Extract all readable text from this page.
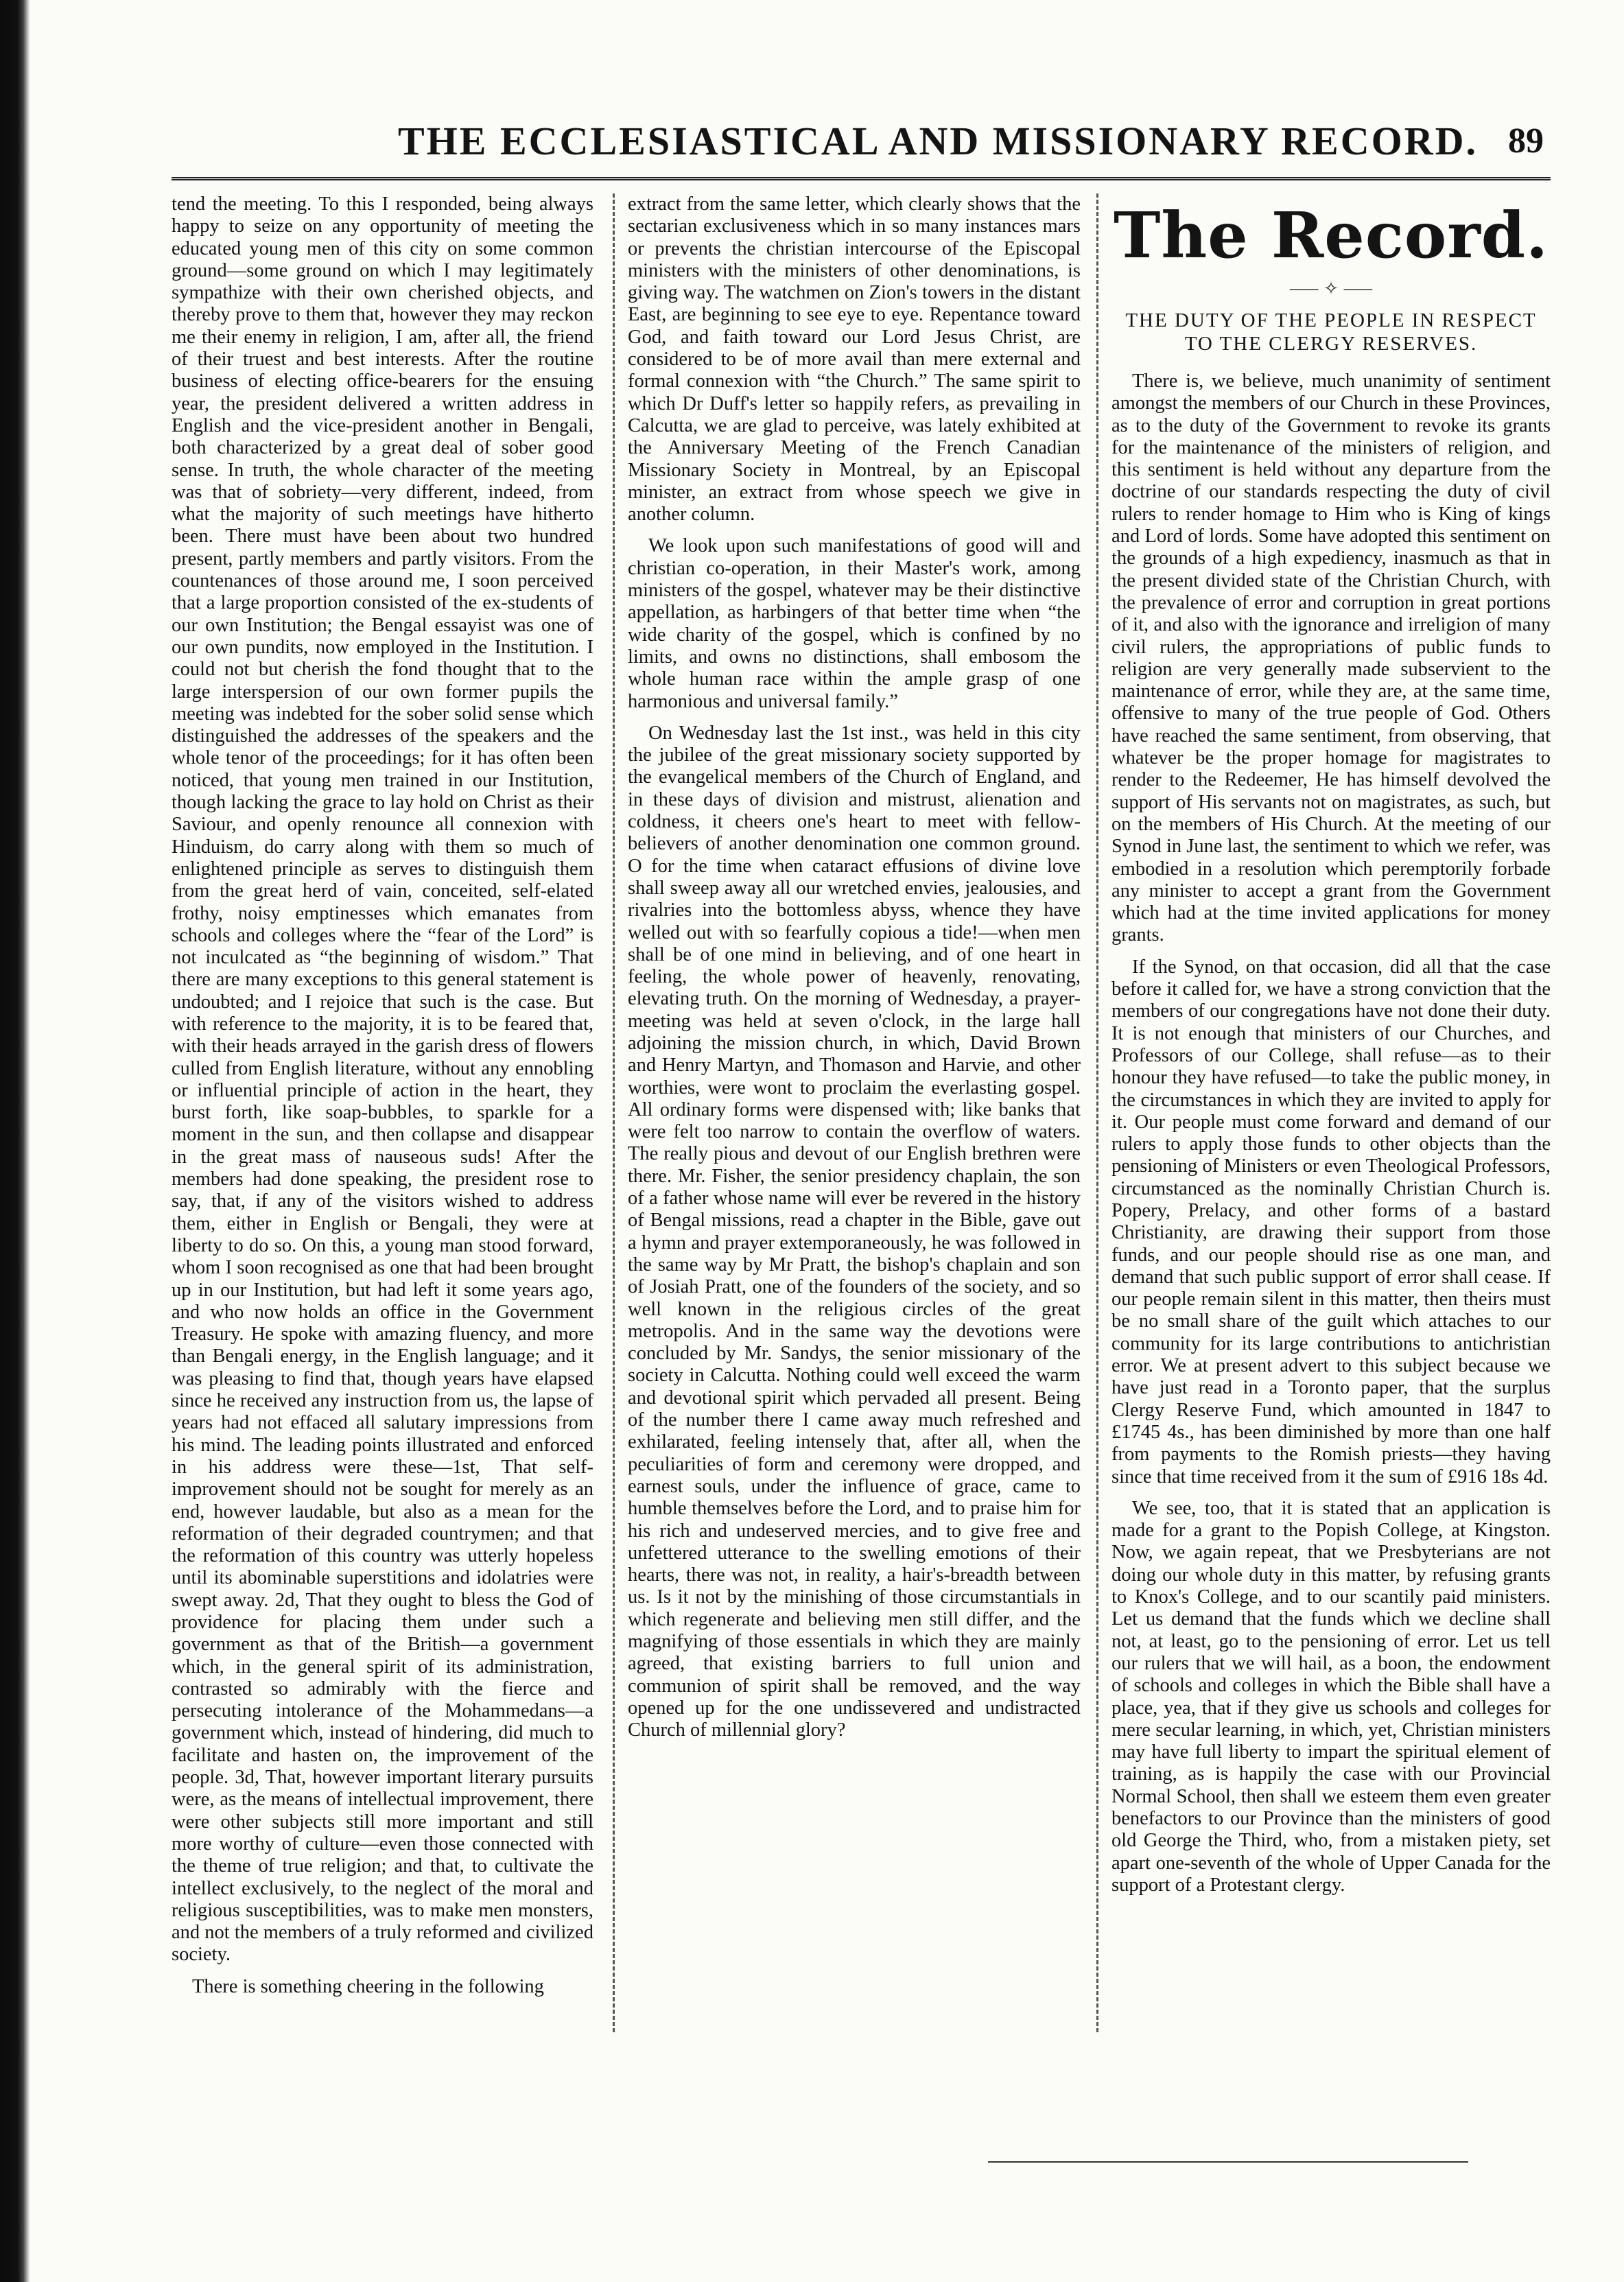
THE ECCLESIASTICAL AND MISSIONARY RECORD. 89

tend the meeting. To this I responded, being always happy to seize on any opportunity of meeting the educated young men of this city on some common ground—some ground on which I may legitimately sympathize with their own cherished objects, and thereby prove to them that, however they may reckon me their enemy in religion, I am, after all, the friend of their truest and best interests. After the routine business of electing office-bearers for the ensuing year, the president delivered a written address in English and the vice-president another in Bengali, both characterized by a great deal of sober good sense. In truth, the whole character of the meeting was that of sobriety—very different, indeed, from what the majority of such meetings have hitherto been. There must have been about two hundred present, partly members and partly visitors. From the countenances of those around me, I soon perceived that a large proportion consisted of the ex-students of our own Institution; the Bengal essayist was one of our own pundits, now employed in the Institution. I could not but cherish the fond thought that to the large interspersion of our own former pupils the meeting was indebted for the sober solid sense which distinguished the addresses of the speakers and the whole tenor of the proceedings; for it has often been noticed, that young men trained in our Institution, though lacking the grace to lay hold on Christ as their Saviour, and openly renounce all connexion with Hinduism, do carry along with them so much of enlightened principle as serves to distinguish them from the great herd of vain, conceited, self-elated frothy, noisy emptinesses which emanates from schools and colleges where the “fear of the Lord” is not inculcated as “the beginning of wisdom.” That there are many exceptions to this general statement is undoubted; and I rejoice that such is the case. But with reference to the majority, it is to be feared that, with their heads arrayed in the garish dress of flowers culled from English literature, without any ennobling or influential principle of action in the heart, they burst forth, like soap-bubbles, to sparkle for a moment in the sun, and then collapse and disappear in the great mass of nauseous suds! After the members had done speaking, the president rose to say, that, if any of the visitors wished to address them, either in English or Bengali, they were at liberty to do so. On this, a young man stood forward, whom I soon recognised as one that had been brought up in our Institution, but had left it some years ago, and who now holds an office in the Government Treasury. He spoke with amazing fluency, and more than Bengali energy, in the English language; and it was pleasing to find that, though years have elapsed since he received any instruction from us, the lapse of years had not effaced all salutary impressions from his mind. The leading points illustrated and enforced in his address were these—1st, That self-improvement should not be sought for merely as an end, however laudable, but also as a mean for the reformation of their degraded countrymen; and that the reformation of this country was utterly hopeless until its abominable superstitions and idolatries were swept away. 2d, That they ought to bless the God of providence for placing them under such a government as that of the British—a government which, in the general spirit of its administration, contrasted so admirably with the fierce and persecuting intolerance of the Mohammedans—a government which, instead of hindering, did much to facilitate and hasten on, the improvement of the people. 3d, That, however important literary pursuits were, as the means of intellectual improvement, there were other subjects still more important and still more worthy of culture—even those connected with the theme of true religion; and that, to cultivate the intellect exclusively, to the neglect of the moral and religious susceptibilities, was to make men monsters, and not the members of a truly reformed and civilized society.

There is something cheering in the following

extract from the same letter, which clearly shows that the sectarian exclusiveness which in so many instances mars or prevents the christian intercourse of the Episcopal ministers with the ministers of other denominations, is giving way. The watchmen on Zion's towers in the distant East, are beginning to see eye to eye. Repentance toward God, and faith toward our Lord Jesus Christ, are considered to be of more avail than mere external and formal connexion with “the Church.” The same spirit to which Dr Duff's letter so happily refers, as prevailing in Calcutta, we are glad to perceive, was lately exhibited at the Anniversary Meeting of the French Canadian Missionary Society in Montreal, by an Episcopal minister, an extract from whose speech we give in another column.

We look upon such manifestations of good will and christian co-operation, in their Master's work, among ministers of the gospel, whatever may be their distinctive appellation, as harbingers of that better time when “the wide charity of the gospel, which is confined by no limits, and owns no distinctions, shall embosom the whole human race within the ample grasp of one harmonious and universal family.”

On Wednesday last the 1st inst., was held in this city the jubilee of the great missionary society supported by the evangelical members of the Church of England, and in these days of division and mistrust, alienation and coldness, it cheers one's heart to meet with fellow-believers of another denomination one common ground. O for the time when cataract effusions of divine love shall sweep away all our wretched envies, jealousies, and rivalries into the bottomless abyss, whence they have welled out with so fearfully copious a tide!—when men shall be of one mind in believing, and of one heart in feeling, the whole power of heavenly, renovating, elevating truth. On the morning of Wednesday, a prayer-meeting was held at seven o'clock, in the large hall adjoining the mission church, in which, David Brown and Henry Martyn, and Thomason and Harvie, and other worthies, were wont to proclaim the everlasting gospel. All ordinary forms were dispensed with; like banks that were felt too narrow to contain the overflow of waters. The really pious and devout of our English brethren were there. Mr. Fisher, the senior presidency chaplain, the son of a father whose name will ever be revered in the history of Bengal missions, read a chapter in the Bible, gave out a hymn and prayer extemporaneously, he was followed in the same way by Mr Pratt, the bishop's chaplain and son of Josiah Pratt, one of the founders of the society, and so well known in the religious circles of the great metropolis. And in the same way the devotions were concluded by Mr. Sandys, the senior missionary of the society in Calcutta. Nothing could well exceed the warm and devotional spirit which pervaded all present. Being of the number there I came away much refreshed and exhilarated, feeling intensely that, after all, when the peculiarities of form and ceremony were dropped, and earnest souls, under the influence of grace, came to humble themselves before the Lord, and to praise him for his rich and undeserved mercies, and to give free and unfettered utterance to the swelling emotions of their hearts, there was not, in reality, a hair's-breadth between us. Is it not by the minishing of those circumstantials in which regenerate and believing men still differ, and the magnifying of those essentials in which they are mainly agreed, that existing barriers to full union and communion of spirit shall be removed, and the way opened up for the one undissevered and undistracted Church of millennial glory?

The Record.
⸺ ✧ ⸺
THE DUTY OF THE PEOPLE IN RESPECT TO THE CLERGY RESERVES.

There is, we believe, much unanimity of sentiment amongst the members of our Church in these Provinces, as to the duty of the Government to revoke its grants for the maintenance of the ministers of religion, and this sentiment is held without any departure from the doctrine of our standards respecting the duty of civil rulers to render homage to Him who is King of kings and Lord of lords. Some have adopted this sentiment on the grounds of a high expediency, inasmuch as that in the present divided state of the Christian Church, with the prevalence of error and corruption in great portions of it, and also with the ignorance and irreligion of many civil rulers, the appropriations of public funds to religion are very generally made subservient to the maintenance of error, while they are, at the same time, offensive to many of the true people of God. Others have reached the same sentiment, from observing, that whatever be the proper homage for magistrates to render to the Redeemer, He has himself devolved the support of His servants not on magistrates, as such, but on the members of His Church. At the meeting of our Synod in June last, the sentiment to which we refer, was embodied in a resolution which peremptorily forbade any minister to accept a grant from the Government which had at the time invited applications for money grants.

If the Synod, on that occasion, did all that the case before it called for, we have a strong conviction that the members of our congregations have not done their duty. It is not enough that ministers of our Churches, and Professors of our College, shall refuse—as to their honour they have refused—to take the public money, in the circumstances in which they are invited to apply for it. Our people must come forward and demand of our rulers to apply those funds to other objects than the pensioning of Ministers or even Theological Professors, circumstanced as the nominally Christian Church is. Popery, Prelacy, and other forms of a bastard Christianity, are drawing their support from those funds, and our people should rise as one man, and demand that such public support of error shall cease. If our people remain silent in this matter, then theirs must be no small share of the guilt which attaches to our community for its large contributions to antichristian error. We at present advert to this subject because we have just read in a Toronto paper, that the surplus Clergy Reserve Fund, which amounted in 1847 to £1745 4s., has been diminished by more than one half from payments to the Romish priests—they having since that time received from it the sum of £916 18s 4d.

We see, too, that it is stated that an application is made for a grant to the Popish College, at Kingston. Now, we again repeat, that we Presbyterians are not doing our whole duty in this matter, by refusing grants to Knox's College, and to our scantily paid ministers. Let us demand that the funds which we decline shall not, at least, go to the pensioning of error. Let us tell our rulers that we will hail, as a boon, the endowment of schools and colleges in which the Bible shall have a place, yea, that if they give us schools and colleges for mere secular learning, in which, yet, Christian ministers may have full liberty to impart the spiritual element of training, as is happily the case with our Provincial Normal School, then shall we esteem them even greater benefactors to our Province than the ministers of good old George the Third, who, from a mistaken piety, set apart one-seventh of the whole of Upper Canada for the support of a Protestant clergy.
